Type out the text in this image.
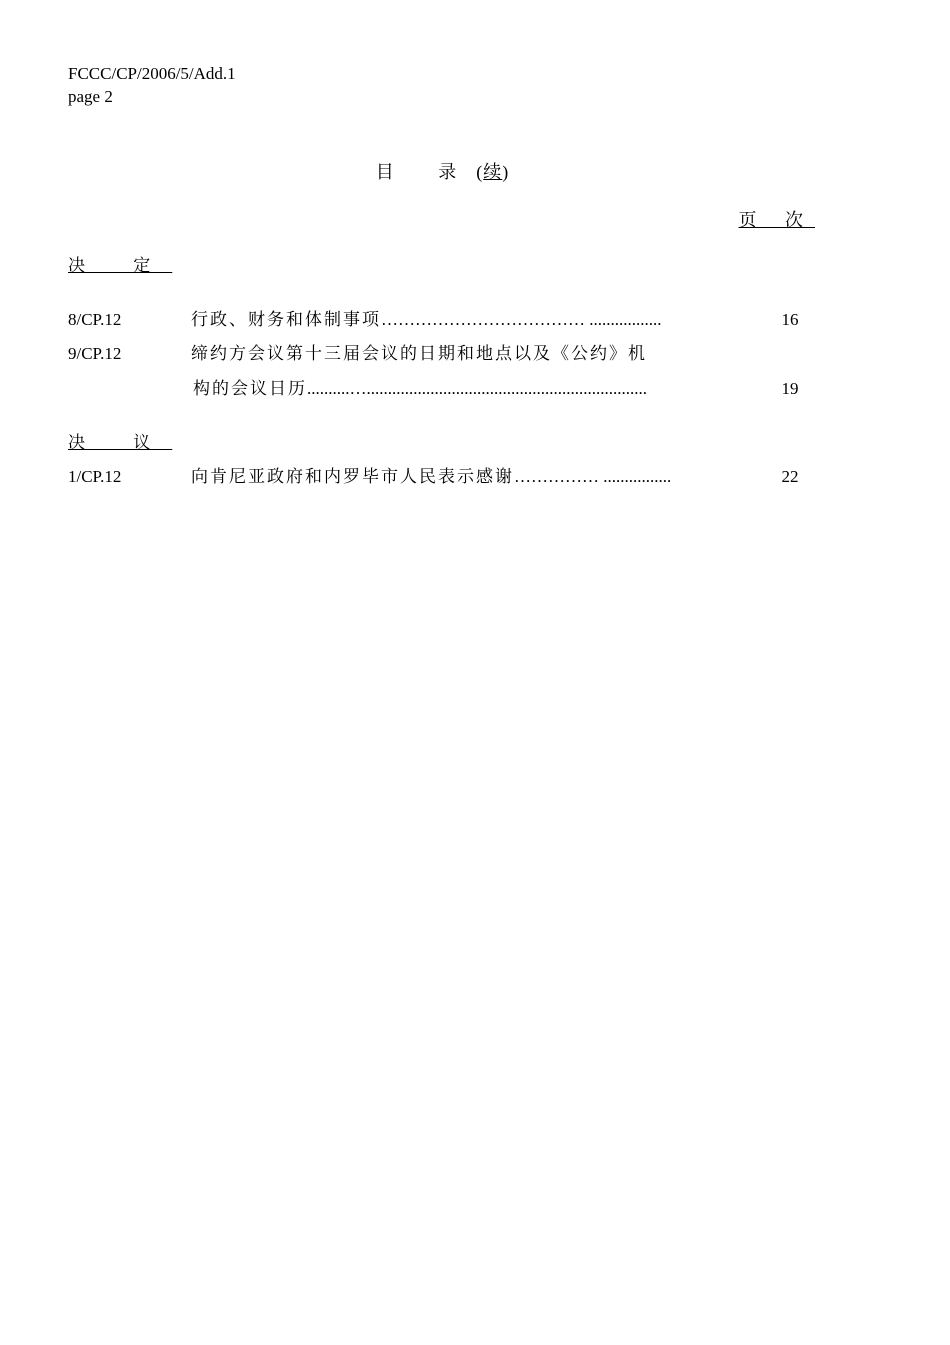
FCCC/CP/2006/5/Add.1
page 2
目 录(续)
页 次
决 定
8/CP.12	行政、财务和体制事项……………………………… .................	16
9/CP.12	缔约方会议第十三届会议的日期和地点以及《公约》机
构的会议日历..........…..................................................................	19
决 议
1/CP.12	向肯尼亚政府和内罗毕市人民表示感谢…………… ................	22
